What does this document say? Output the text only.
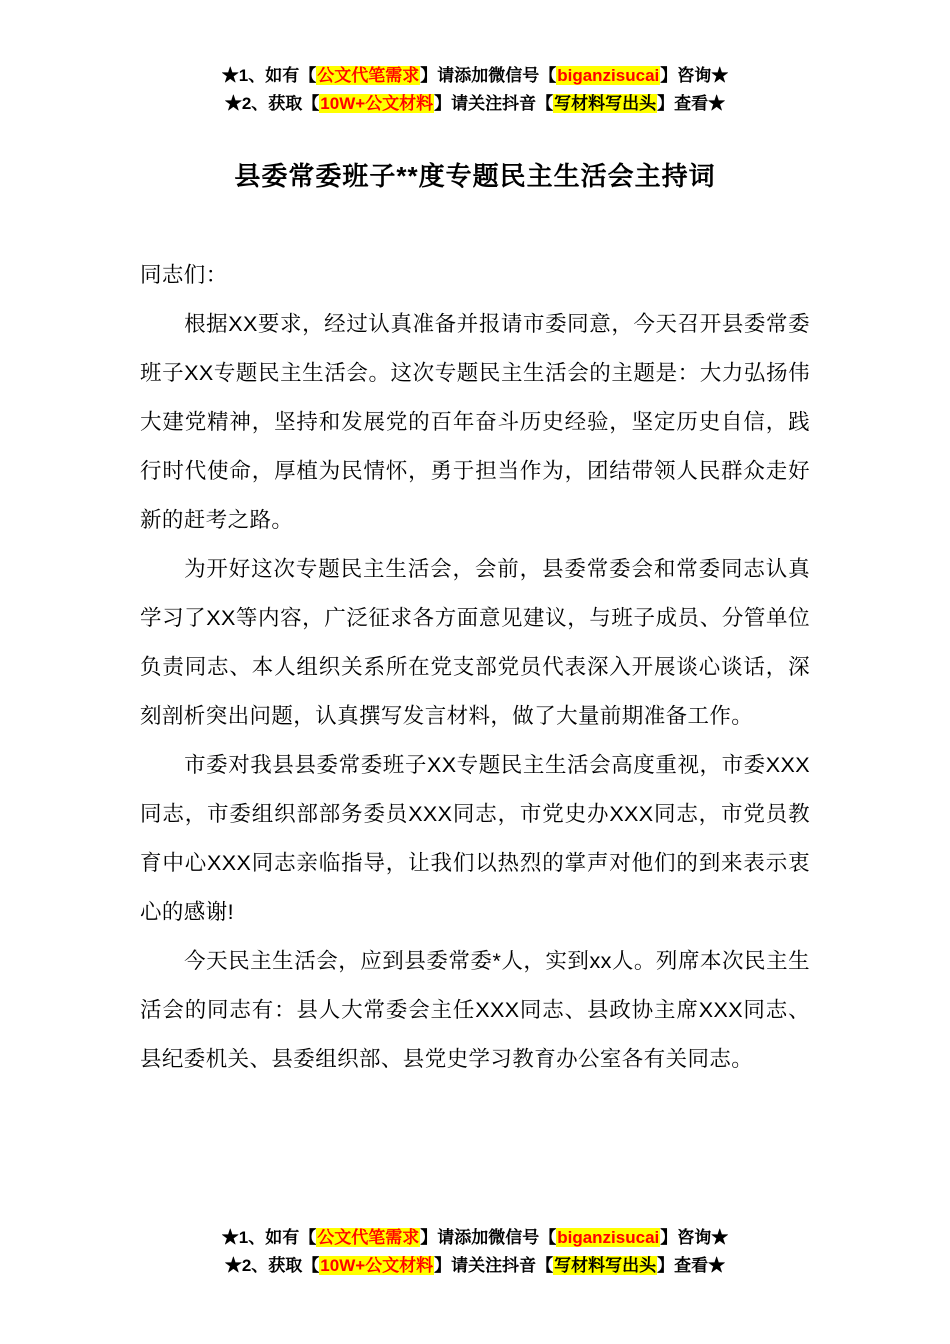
★1、如有【公文代笔需求】请添加微信号【biganzisucai】咨询★
★2、获取【10W+公文材料】请关注抖音【写材料写出头】查看★
县委常委班子**度专题民主生活会主持词

同志们：

根据XX要求，经过认真准备并报请市委同意，今天召开县委常委班子XX专题民主生活会。这次专题民主生活会的主题是：大力弘扬伟大建党精神，坚持和发展党的百年奋斗历史经验，坚定历史自信，践行时代使命，厚植为民情怀，勇于担当作为，团结带领人民群众走好新的赶考之路。

为开好这次专题民主生活会，会前，县委常委会和常委同志认真学习了XX等内容，广泛征求各方面意见建议，与班子成员、分管单位负责同志、本人组织关系所在党支部党员代表深入开展谈心谈话，深刻剖析突出问题，认真撰写发言材料，做了大量前期准备工作。

市委对我县县委常委班子XX专题民主生活会高度重视，市委XXX同志，市委组织部部务委员XXX同志，市党史办XXX同志，市党员教育中心XXX同志亲临指导，让我们以热烈的掌声对他们的到来表示衷心的感谢!

今天民主生活会，应到县委常委*人，实到xx人。列席本次民主生活会的同志有：县人大常委会主任XXX同志、县政协主席XXX同志、县纪委机关、县委组织部、县党史学习教育办公室各有关同志。

★1、如有【公文代笔需求】请添加微信号【biganzisucai】咨询★
★2、获取【10W+公文材料】请关注抖音【写材料写出头】查看★
